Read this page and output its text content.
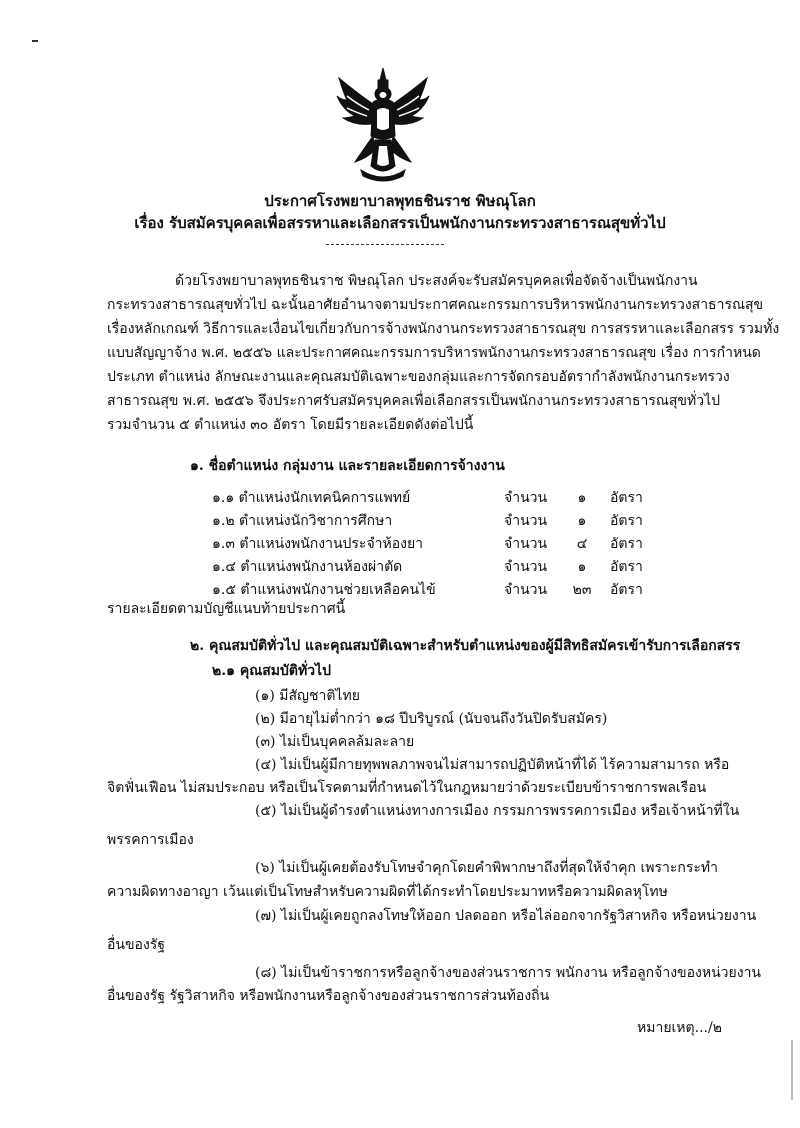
ประกาศโรงพยาบาลพุทธชินราช พิษณุโลก
เรื่อง รับสมัครบุคคลเพื่อสรรหาและเลือกสรรเป็นพนักงานกระทรวงสาธารณสุขทั่วไป
ด้วยโรงพยาบาลพุทธชินราช พิษณุโลก ประสงค์จะรับสมัครบุคคลเพื่อจัดจ้างเป็นพนักงาน
กระทรวงสาธารณสุขทั่วไป ฉะนั้นอาศัยอำนาจตามประกาศคณะกรรมการบริหารพนักงานกระทรวงสาธารณสุข
เรื่องหลักเกณฑ์ วิธีการและเงื่อนไขเกี่ยวกับการจ้างพนักงานกระทรวงสาธารณสุข การสรรหาและเลือกสรร รวมทั้ง
แบบสัญญาจ้าง พ.ศ. ๒๕๕๖ และประกาศคณะกรรมการบริหารพนักงานกระทรวงสาธารณสุข เรื่อง การกำหนด
ประเภท ตำแหน่ง ลักษณะงานและคุณสมบัติเฉพาะของกลุ่มและการจัดกรอบอัตรากำลังพนักงานกระทรวง
สาธารณสุข พ.ศ. ๒๕๕๖ จึงประกาศรับสมัครบุคคลเพื่อเลือกสรรเป็นพนักงานกระทรวงสาธารณสุขทั่วไป
รวมจำนวน ๕ ตำแหน่ง ๓๐ อัตรา โดยมีรายละเอียดดังต่อไปนี้
๑. ชื่อตำแหน่ง กลุ่มงาน และรายละเอียดการจ้างงาน
๑.๑ ตำแหน่งนักเทคนิคการแพทย์	จำนวน	๑	อัตรา
๑.๒ ตำแหน่งนักวิชาการศึกษา	จำนวน	๑	อัตรา
๑.๓ ตำแหน่งพนักงานประจำห้องยา	จำนวน	๔	อัตรา
๑.๔ ตำแหน่งพนักงานห้องผ่าตัด	จำนวน	๑	อัตรา
๑.๕ ตำแหน่งพนักงานช่วยเหลือคนไข้	จำนวน	๒๓	อัตรา
รายละเอียดตามบัญชีแนบท้ายประกาศนี้
๒. คุณสมบัติทั่วไป และคุณสมบัติเฉพาะสำหรับตำแหน่งของผู้มีสิทธิสมัครเข้ารับการเลือกสรร
๒.๑ คุณสมบัติทั่วไป
(๑) มีสัญชาติไทย
(๒) มีอายุไม่ต่ำกว่า ๑๘ ปีบริบูรณ์ (นับจนถึงวันปิดรับสมัคร)
(๓) ไม่เป็นบุคคลล้มละลาย
(๔) ไม่เป็นผู้มีกายทุพพลภาพจนไม่สามารถปฏิบัติหน้าที่ได้ ไร้ความสามารถ หรือ
จิตฟั่นเฟือน ไม่สมประกอบ หรือเป็นโรคตามที่กำหนดไว้ในกฎหมายว่าด้วยระเบียบข้าราชการพลเรือน
(๕) ไม่เป็นผู้ดำรงตำแหน่งทางการเมือง กรรมการพรรคการเมือง หรือเจ้าหน้าที่ใน
พรรคการเมือง
(๖) ไม่เป็นผู้เคยต้องรับโทษจำคุกโดยคำพิพากษาถึงที่สุดให้จำคุก เพราะกระทำ
ความผิดทางอาญา เว้นแต่เป็นโทษสำหรับความผิดที่ได้กระทำโดยประมาทหรือความผิดลหุโทษ
(๗) ไม่เป็นผู้เคยถูกลงโทษให้ออก ปลดออก หรือไล่ออกจากรัฐวิสาหกิจ หรือหน่วยงาน
อื่นของรัฐ
(๘) ไม่เป็นข้าราชการหรือลูกจ้างของส่วนราชการ พนักงาน หรือลูกจ้างของหน่วยงาน
อื่นของรัฐ รัฐวิสาหกิจ หรือพนักงานหรือลูกจ้างของส่วนราชการส่วนท้องถิ่น
หมายเหตุ.../๒
